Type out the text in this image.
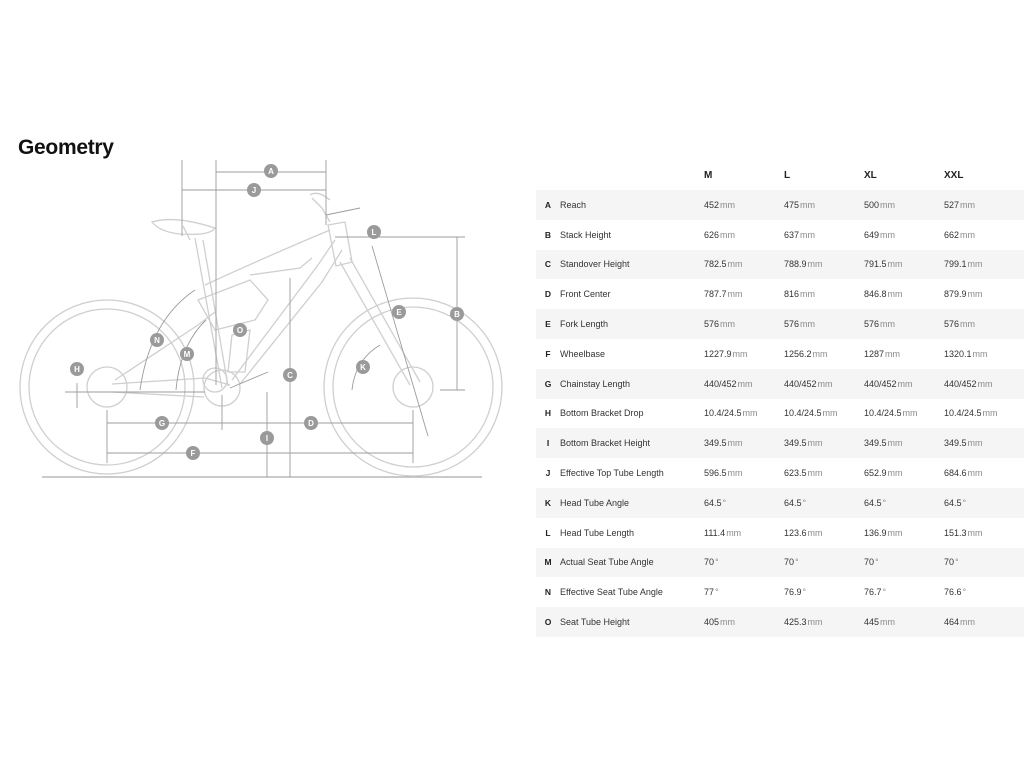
Geometry
A
J
L
B
E
N
O
M
H	K
C
G	D
I
F
		M	L	XL	XXL
A	Reach	452mm	475mm	500mm	527mm
B	Stack Height	626mm	637mm	649mm	662mm
C	Standover Height	782.5mm	788.9mm	791.5mm	799.1mm
D	Front Center	787.7mm	816mm	846.8mm	879.9mm
E	Fork Length	576mm	576mm	576mm	576mm
F	Wheelbase	1227.9mm	1256.2mm	1287mm	1320.1mm
G	Chainstay Length	440/452mm	440/452mm	440/452mm	440/452mm
H	Bottom Bracket Drop	10.4/24.5mm	10.4/24.5mm	10.4/24.5mm	10.4/24.5mm
I	Bottom Bracket Height	349.5mm	349.5mm	349.5mm	349.5mm
J	Effective Top Tube Length	596.5mm	623.5mm	652.9mm	684.6mm
K	Head Tube Angle	64.5°	64.5°	64.5°	64.5°
L	Head Tube Length	111.4mm	123.6mm	136.9mm	151.3mm
M	Actual Seat Tube Angle	70°	70°	70°	70°
N	Effective Seat Tube Angle	77°	76.9°	76.7°	76.6°
O	Seat Tube Height	405mm	425.3mm	445mm	464mm
